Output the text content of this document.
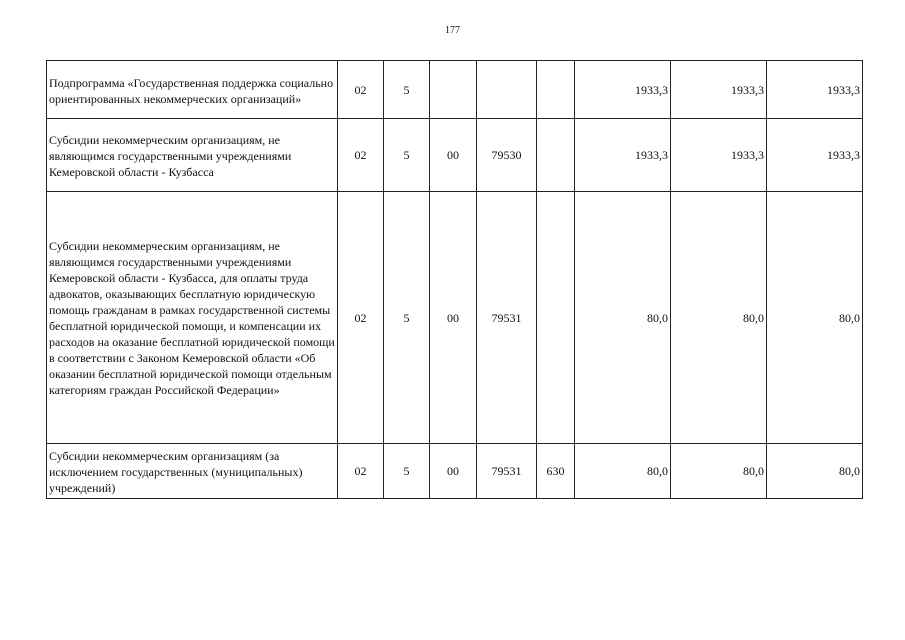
177
Подпрограмма «Государственная поддержка социально ориентированных некоммерческих организаций»	02	5				1933,3	1933,3	1933,3
Субсидии некоммерческим организациям, не являющимся государственными учреждениями Кемеровской области - Кузбасса	02	5	00	79530		1933,3	1933,3	1933,3
Субсидии некоммерческим организациям, не являющимся государственными учреждениями Кемеровской области - Кузбасса, для оплаты труда адвокатов, оказывающих бесплатную юридическую помощь гражданам в рамках государственной системы бесплатной юридической помощи, и компенсации их расходов на оказание бесплатной юридической помощи в соответствии с Законом Кемеровской области «Об оказании бесплатной юридической помощи отдельным категориям граждан Российской Федерации»	02	5	00	79531		80,0	80,0	80,0
Субсидии некоммерческим организациям (за исключением государственных (муниципальных) учреждений)	02	5	00	79531	630	80,0	80,0	80,0
